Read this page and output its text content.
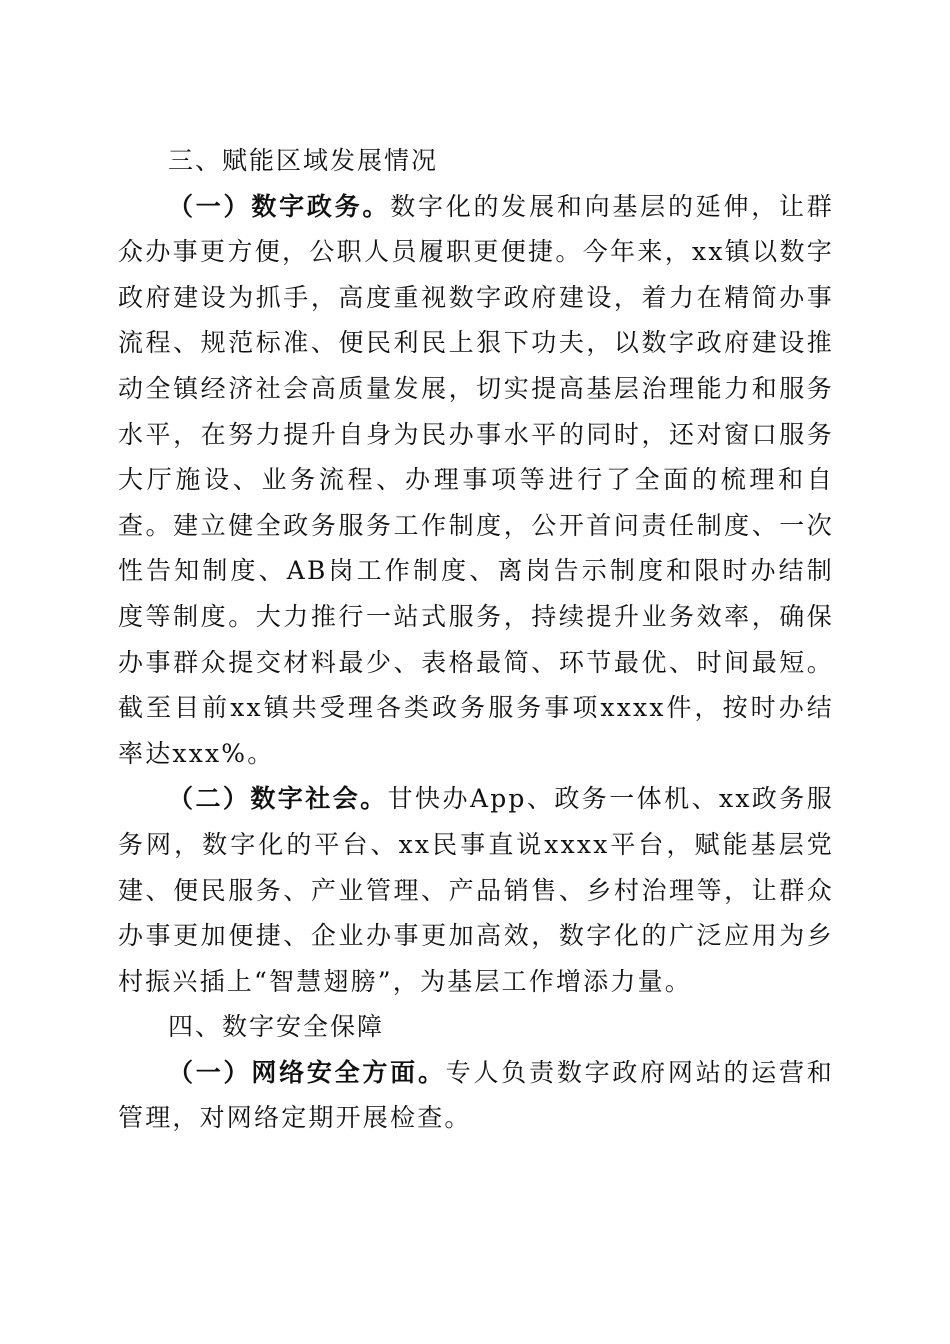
三、赋能区域发展情况

（一）数字政务。数字化的发展和向基层的延伸，让群众办事更方便，公职人员履职更便捷。今年来，xx镇以数字政府建设为抓手，高度重视数字政府建设，着力在精简办事流程、规范标准、便民利民上狠下功夫，以数字政府建设推动全镇经济社会高质量发展，切实提高基层治理能力和服务水平，在努力提升自身为民办事水平的同时，还对窗口服务大厅施设、业务流程、办理事项等进行了全面的梳理和自查。建立健全政务服务工作制度，公开首问责任制度、一次性告知制度、AB岗工作制度、离岗告示制度和限时办结制度等制度。大力推行一站式服务，持续提升业务效率，确保办事群众提交材料最少、表格最简、环节最优、时间最短。截至目前xx镇共受理各类政务服务事项xxxx件，按时办结率达xxx%。

（二）数字社会。甘快办App、政务一体机、xx政务服务网，数字化的平台、xx民事直说xxxx平台，赋能基层党建、便民服务、产业管理、产品销售、乡村治理等，让群众办事更加便捷、企业办事更加高效，数字化的广泛应用为乡村振兴插上“智慧翅膀”，为基层工作增添力量。

四、数字安全保障

（一）网络安全方面。专人负责数字政府网站的运营和管理，对网络定期开展检查。
